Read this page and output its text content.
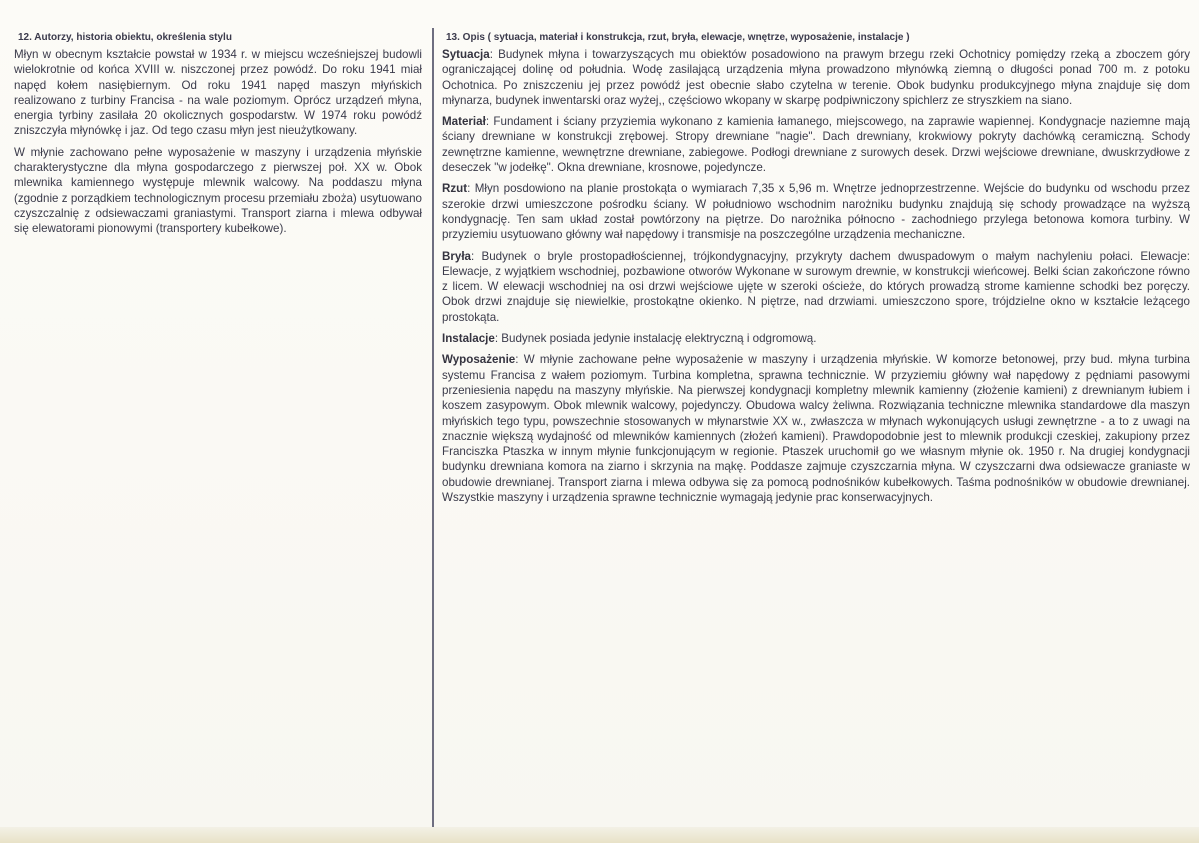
12. Autorzy, historia obiektu, określenia stylu

Młyn w obecnym kształcie powstał w 1934 r. w miejscu wcześniejszej budowli wielokrotnie od końca XVIII w. niszczonej przez powódź. Do roku 1941 miał napęd kołem nasiębiernym. Od roku 1941 napęd maszyn młyńskich realizowano z turbiny Francisa - na wale poziomym. Oprócz urządzeń młyna, energia tyrbiny zasilała 20 okolicznych gospodarstw. W 1974 roku powódź zniszczyła młynówkę i jaz. Od tego czasu młyn jest nieużytkowany.

W młynie zachowano pełne wyposażenie w maszyny i urządzenia młyńskie charakterystyczne dla młyna gospodarczego z pierwszej poł. XX w. Obok mlewnika kamiennego występuje mlewnik walcowy. Na poddaszu młyna (zgodnie z porządkiem technologicznym procesu przemiału zboża) usytuowano czyszczalnię z odsiewaczami graniastymi. Transport ziarna i mlewa odbywał się elewatorami pionowymi (transportery kubełkowe).

13. Opis ( sytuacja, materiał i konstrukcja, rzut, bryła, elewacje, wnętrze, wyposażenie, instalacje )

Sytuacja: Budynek młyna i towarzyszących mu obiektów posadowiono na prawym brzegu rzeki Ochotnicy pomiędzy rzeką a zboczem góry ograniczającej dolinę od południa. Wodę zasilającą urządzenia młyna prowadzono młynówką ziemną o długości ponad 700 m. z potoku Ochotnica. Po zniszczeniu jej przez powódź jest obecnie słabo czytelna w terenie. Obok budynku produkcyjnego młyna znajduje się dom młynarza, budynek inwentarski oraz wyżej,, częściowo wkopany w skarpę podpiwniczony spichlerz ze stryszkiem na siano.

Materiał: Fundament i ściany przyziemia wykonano z kamienia łamanego, miejscowego, na zaprawie wapiennej. Kondygnacje naziemne mają ściany drewniane w konstrukcji zrębowej. Stropy drewniane "nagie". Dach drewniany, krokwiowy pokryty dachówką ceramiczną. Schody zewnętrzne kamienne, wewnętrzne drewniane, zabiegowe. Podłogi drewniane z surowych desek. Drzwi wejściowe drewniane, dwuskrzydłowe z deseczek "w jodełkę". Okna drewniane, krosnowe, pojedyncze.

Rzut: Młyn posdowiono na planie prostokąta o wymiarach 7,35 x 5,96 m. Wnętrze jednoprzestrzenne. Wejście do budynku od wschodu przez szerokie drzwi umieszczone pośrodku ściany. W południowo wschodnim narożniku budynku znajdują się schody prowadzące na wyższą kondygnację. Ten sam układ został powtórzony na piętrze. Do narożnika północno - zachodniego przylega betonowa komora turbiny. W przyziemiu usytuowano główny wał napędowy i transmisje na poszczególne urządzenia mechaniczne.

Bryła: Budynek o bryle prostopadłościennej, trójkondygnacyjny, przykryty dachem dwuspadowym o małym nachyleniu połaci. Elewacje: Elewacje, z wyjątkiem wschodniej, pozbawione otworów Wykonane w surowym drewnie, w konstrukcji wieńcowej. Belki ścian zakończone równo z licem. W elewacji wschodniej na osi drzwi wejściowe ujęte w szeroki ościeże, do których prowadzą strome kamienne schodki bez poręczy. Obok drzwi znajduje się niewielkie, prostokątne okienko. N piętrze, nad drzwiami. umieszczono spore, trójdzielne okno w kształcie leżącego prostokąta.

Instalacje: Budynek posiada jedynie instalację elektryczną i odgromową.

Wyposażenie: W młynie zachowane pełne wyposażenie w maszyny i urządzenia młyńskie. W komorze betonowej, przy bud. młyna turbina systemu Francisa z wałem poziomym. Turbina kompletna, sprawna technicznie. W przyziemiu główny wał napędowy z pędniami pasowymi przeniesienia napędu na maszyny młyńskie. Na pierwszej kondygnacji kompletny mlewnik kamienny (złożenie kamieni) z drewnianym łubiem i koszem zasypowym. Obok mlewnik walcowy, pojedynczy. Obudowa walcy żeliwna. Rozwiązania techniczne mlewnika standardowe dla maszyn młyńskich tego typu, powszechnie stosowanych w młynarstwie XX w., zwłaszcza w młynach wykonujących usługi zewnętrzne - a to z uwagi na znacznie większą wydajność od mlewników kamiennych (złożeń kamieni). Prawdopodobnie jest to mlewnik produkcji czeskiej, zakupiony przez Franciszka Ptaszka w innym młynie funkcjonującym w regionie. Ptaszek uruchomił go we własnym młynie ok. 1950 r. Na drugiej kondygnacji budynku drewniana komora na ziarno i skrzynia na mąkę. Poddasze zajmuje czyszczarnia młyna. W czyszczarni dwa odsiewacze graniaste w obudowie drewnianej. Transport ziarna i mlewa odbywa się za pomocą podnośników kubełkowych. Taśma podnośników w obudowie drewnianej. Wszystkie maszyny i urządzenia sprawne technicznie wymagają jedynie prac konserwacyjnych.
